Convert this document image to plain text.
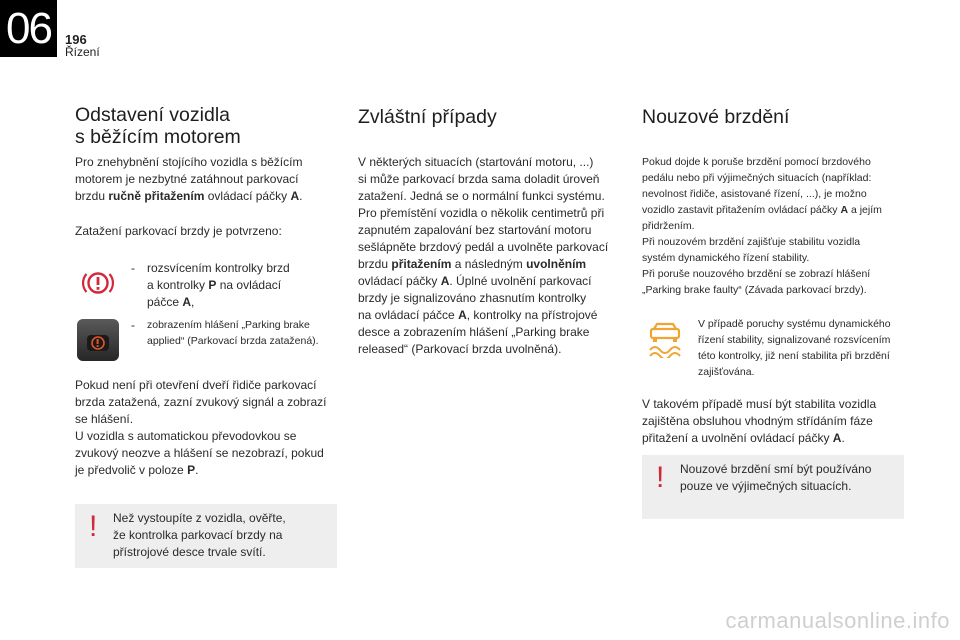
06	196
Řízení
Odstavení vozidla
s běžícím motorem

Pro znehybnění stojícího vozidla s běžícím
motorem je nezbytné zatáhnout parkovací
brzdu ručně přitažením ovládací páčky A.

Zatažení parkovací brzdy je potvrzeno:

-	rozsvícením kontrolky brzd
a kontrolky P na ovládací
páčce A,

-	zobrazením hlášení „Parking brake
applied“ (Parkovací brzda zatažená).

Pokud není při otevření dveří řidiče parkovací
brzda zatažená, zazní zvukový signál a zobrazí
se hlášení.
U vozidla s automatickou převodovkou se
zvukový neozve a hlášení se nezobrazí, pokud
je předvolič v poloze P.

! Než vystoupíte z vozidla, ověřte,
že kontrolka parkovací brzdy na
přístrojové desce trvale svítí.

Zvláštní případy

V některých situacích (startování motoru, ...)
si může parkovací brzda sama doladit úroveň
zatažení. Jedná se o normální funkci systému.
Pro přemístění vozidla o několik centimetrů při
zapnutém zapalování bez startování motoru
sešlápněte brzdový pedál a uvolněte parkovací
brzdu přitažením a následným uvolněním
ovládací páčky A. Úplné uvolnění parkovací
brzdy je signalizováno zhasnutím kontrolky
na ovládací páčce A, kontrolky na přístrojové
desce a zobrazením hlášení „Parking brake
released“ (Parkovací brzda uvolněná).

Nouzové brzdění

Pokud dojde k poruše brzdění pomocí brzdového
pedálu nebo při výjimečných situacích (například:
nevolnost řidiče, asistované řízení, ...), je možno
vozidlo zastavit přitažením ovládací páčky A a jejím
přidržením.
Při nouzovém brzdění zajišťuje stabilitu vozidla
systém dynamického řízení stability.
Při poruše nouzového brzdění se zobrazí hlášení
„Parking brake faulty“ (Závada parkovací brzdy).

V případě poruchy systému dynamického
řízení stability, signalizované rozsvícením
této kontrolky, již není stabilita při brzdění
zajišťována.

V takovém případě musí být stabilita vozidla
zajištěna obsluhou vhodným střídáním fáze
přitažení a uvolnění ovládací páčky A.

! Nouzové brzdění smí být používáno
pouze ve výjimečných situacích.

carmanualsonline.info
